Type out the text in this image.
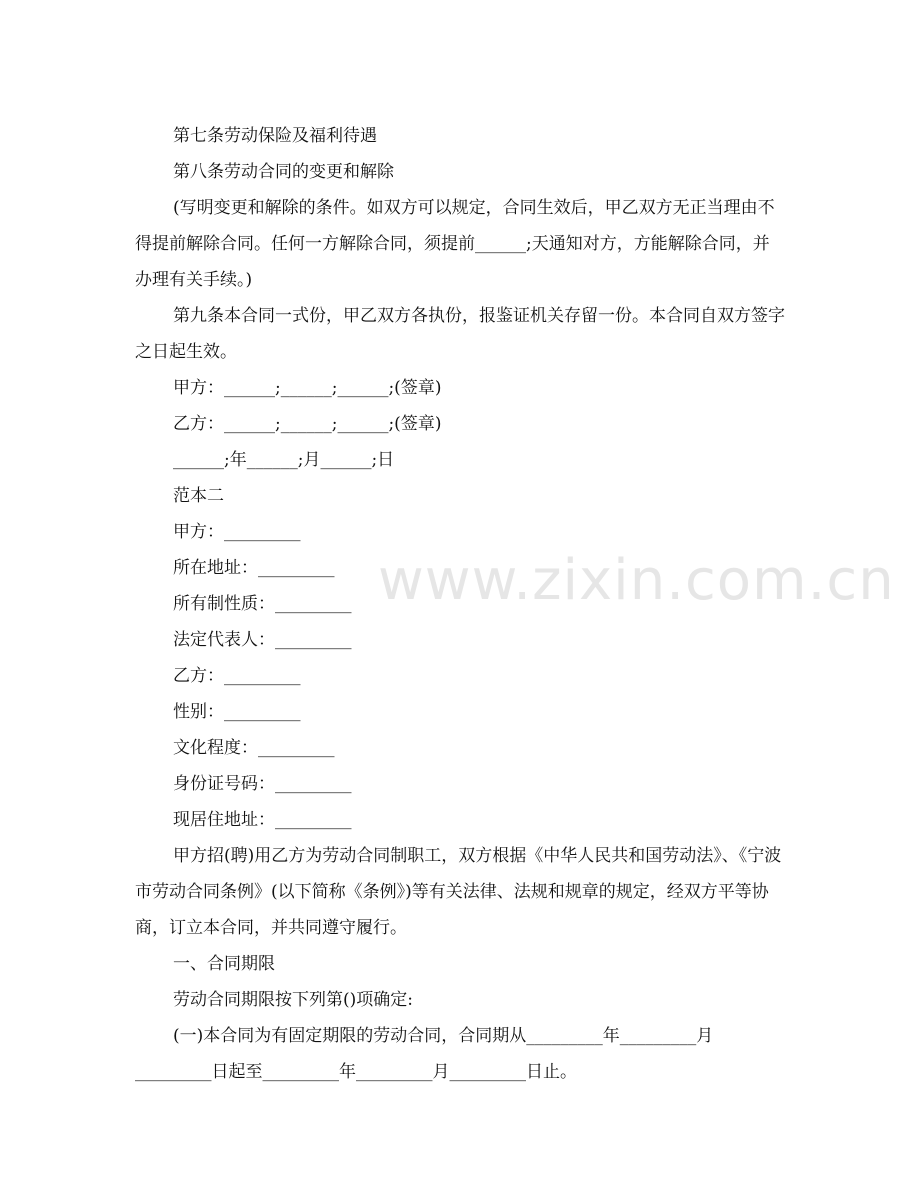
www.zixin.com.cn

第七条劳动保险及福利待遇

第八条劳动合同的变更和解除

(写明变更和解除的条件。如双方可以规定，合同生效后，甲乙双方无正当理由不得提前解除合同。任何一方解除合同，须提前______;天通知对方，方能解除合同，并办理有关手续。)

第九条本合同一式份，甲乙双方各执份，报鉴证机关存留一份。本合同自双方签字之日起生效。

甲方：______;______;______;(签章)

乙方：______;______;______;(签章)

______;年______;月______;日

范本二

甲方：_________

所在地址：_________

所有制性质：_________

法定代表人：_________

乙方：_________

性别：_________

文化程度：_________

身份证号码：_________

现居住地址：_________

甲方招(聘)用乙方为劳动合同制职工，双方根据《中华人民共和国劳动法》、《宁波市劳动合同条例》(以下简称《条例》)等有关法律、法规和规章的规定，经双方平等协商，订立本合同，并共同遵守履行。

一、合同期限

劳动合同期限按下列第()项确定:

(一)本合同为有固定期限的劳动合同，合同期从_________年_________月_________日起至_________年_________月_________日止。
